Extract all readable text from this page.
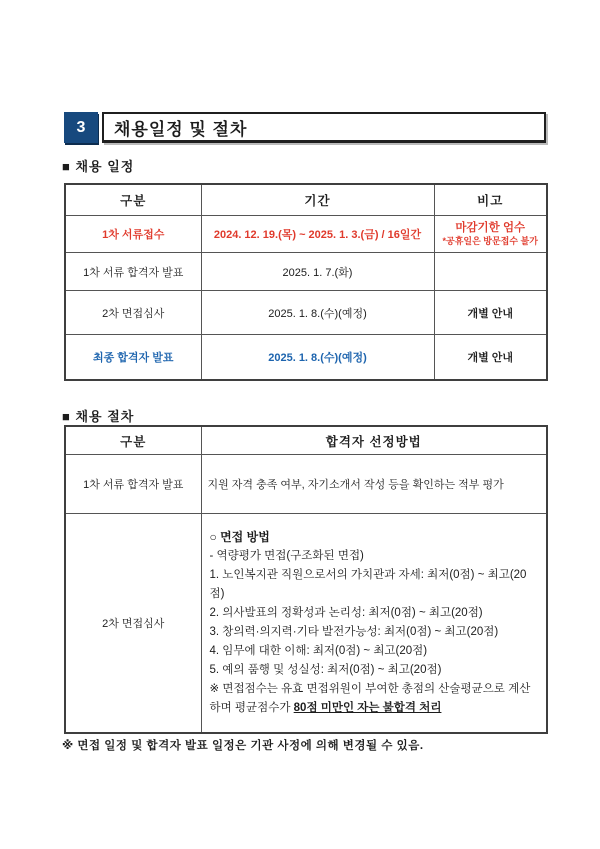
3	채용일정 및 절차
■ 채용 일정
구분	기간	비고
1차 서류접수	2024. 12. 19.(목) ~ 2025. 1. 3.(금) / 16일간	마감기한 엄수
*공휴일은 방문접수 불가

1차 서류 합격자 발표	2025. 1. 7.(화)	
2차 면접심사	2025. 1. 8.(수)(예정)	개별 안내
최종 합격자 발표	2025. 1. 8.(수)(예정)	개별 안내
■ 채용 절차
구분	합격자 선정방법
1차 서류 합격자 발표	지원 자격 충족 여부, 자기소개서 작성 등을 확인하는 적부 평가
2차 면접심사	
○ 면접 방법
- 역량평가 면접(구조화된 면접)
1. 노인복지관 직원으로서의 가치관과 자세: 최저(0점) ~ 최고(20점)
2. 의사발표의 정확성과 논리성: 최저(0점) ~ 최고(20점)
3. 창의력·의지력·기타 발전가능성: 최저(0점) ~ 최고(20점)
4. 임무에 대한 이해: 최저(0점) ~ 최고(20점)
5. 예의 품행 및 성실성: 최저(0점) ~ 최고(20점)
※ 면접점수는 유효 면접위원이 부여한 총점의 산술평균으로 계산하며 평균점수가 80점 미만인 자는 불합격 처리
※ 면접 일정 및 합격자 발표 일정은 기관 사정에 의해 변경될 수 있음.
